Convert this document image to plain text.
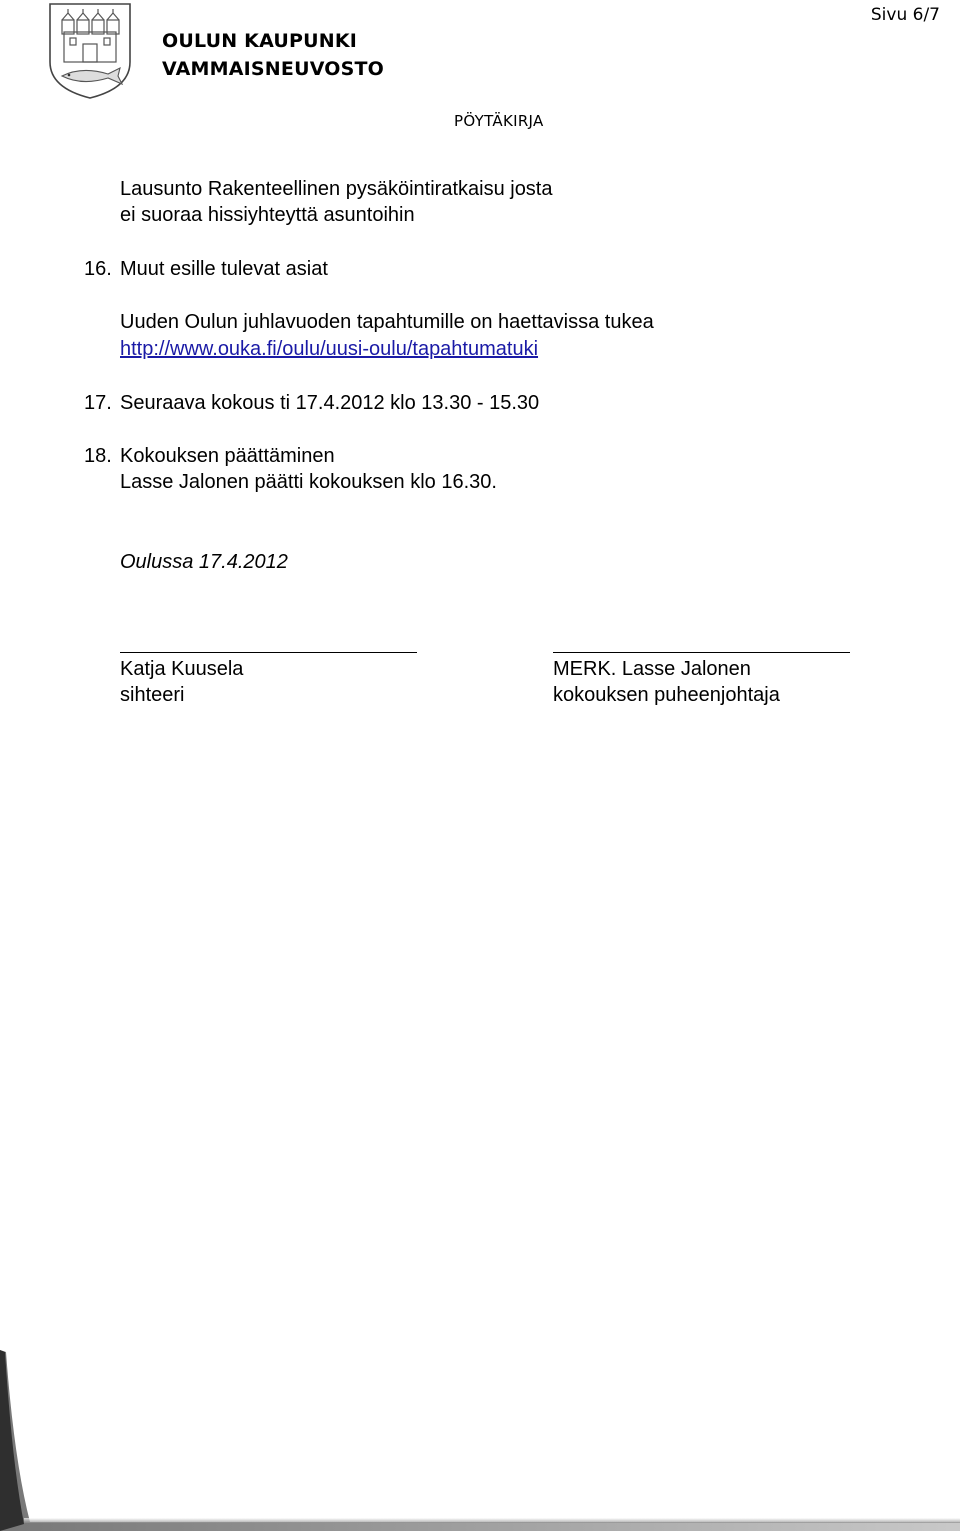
OULUN KAUPUNKI
VAMMAISNEUVOSTO
Sivu 6/7
PÖYTÄKIRJA
Lausunto Rakenteellinen pysäköintiratkaisu josta
ei suoraa hissiyhteyttä asuntoihin
16. Muut esille tulevat asiat
Uuden Oulun juhlavuoden tapahtumille on haettavissa tukea
http://www.ouka.fi/oulu/uusi-oulu/tapahtumatuki
17. Seuraava kokous ti 17.4.2012 klo 13.30 - 15.30
18. Kokouksen päättäminen
Lasse Jalonen päätti kokouksen klo 16.30.
Oulussa 17.4.2012
Katja Kuusela
sihteeri
MERK. Lasse Jalonen
kokouksen puheenjohtaja
